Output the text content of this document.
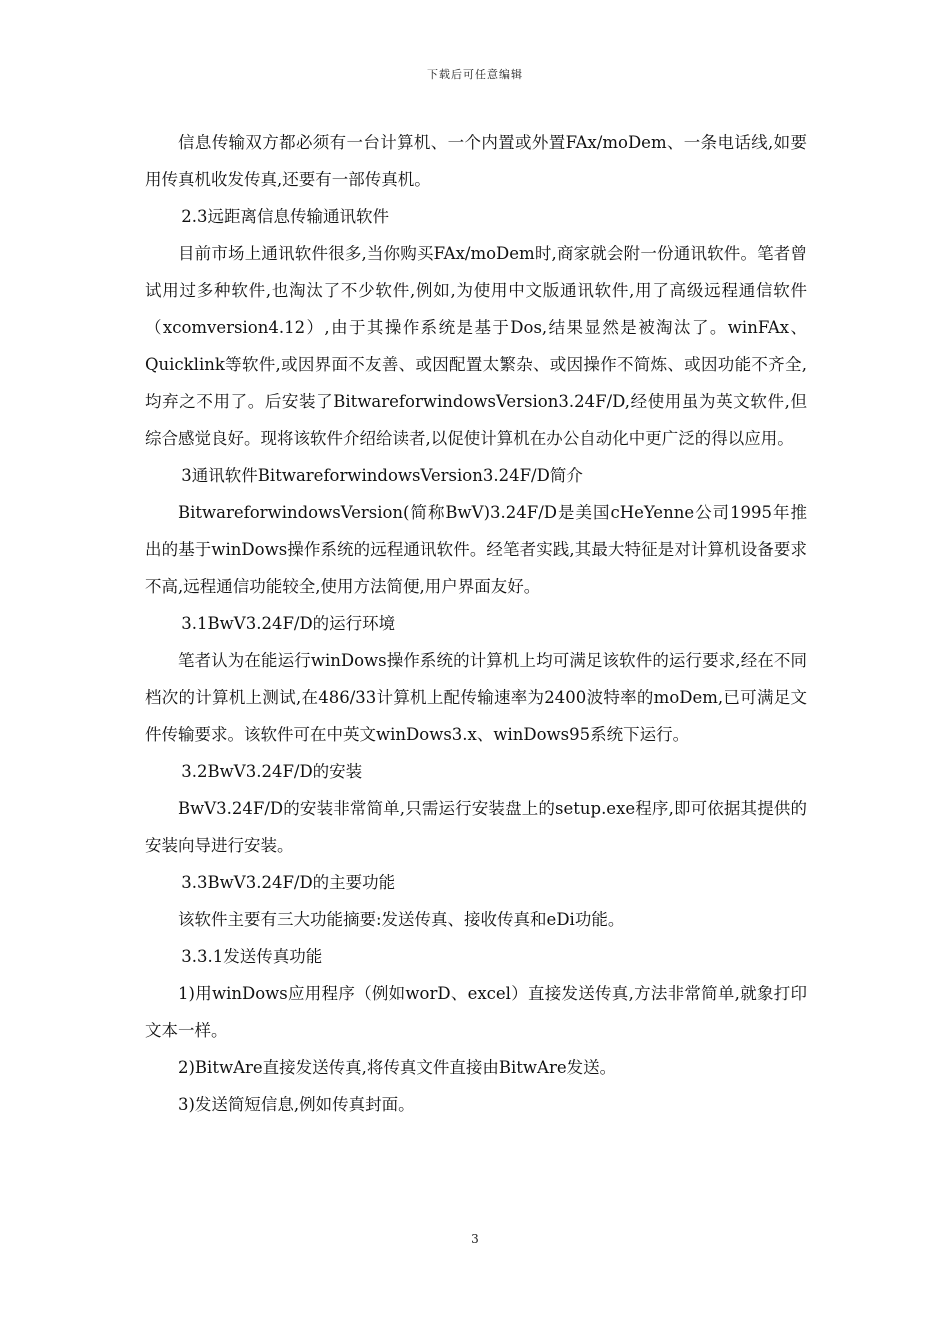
下载后可任意编辑

信息传输双方都必须有一台计算机、一个内置或外置FAx/moDem、一条电话线,如要用传真机收发传真,还要有一部传真机。

2.3远距离信息传输通讯软件

目前市场上通讯软件很多,当你购买FAx/moDem时,商家就会附一份通讯软件。笔者曾试用过多种软件,也淘汰了不少软件,例如,为使用中文版通讯软件,用了高级远程通信软件（xcomversion4.12）,由于其操作系统是基于Dos,结果显然是被淘汰了。winFAx、Quicklink等软件,或因界面不友善、或因配置太繁杂、或因操作不简炼、或因功能不齐全,均弃之不用了。后安装了BitwareforwindowsVersion3.24F/D,经使用虽为英文软件,但综合感觉良好。现将该软件介绍给读者,以促使计算机在办公自动化中更广泛的得以应用。

3通讯软件BitwareforwindowsVersion3.24F/D简介

BitwareforwindowsVersion(简称BwV)3.24F/D是美国cHeYenne公司1995年推出的基于winDows操作系统的远程通讯软件。经笔者实践,其最大特征是对计算机设备要求不高,远程通信功能较全,使用方法简便,用户界面友好。

3.1BwV3.24F/D的运行环境

笔者认为在能运行winDows操作系统的计算机上均可满足该软件的运行要求,经在不同档次的计算机上测试,在486/33计算机上配传输速率为2400波特率的moDem,已可满足文件传输要求。该软件可在中英文winDows3.x、winDows95系统下运行。

3.2BwV3.24F/D的安装

BwV3.24F/D的安装非常简单,只需运行安装盘上的setup.exe程序,即可依据其提供的安装向导进行安装。

3.3BwV3.24F/D的主要功能

该软件主要有三大功能摘要:发送传真、接收传真和eDi功能。

3.3.1发送传真功能

1)用winDows应用程序（例如worD、excel）直接发送传真,方法非常简单,就象打印文本一样。

2)BitwAre直接发送传真,将传真文件直接由BitwAre发送。

3)发送简短信息,例如传真封面。

3
